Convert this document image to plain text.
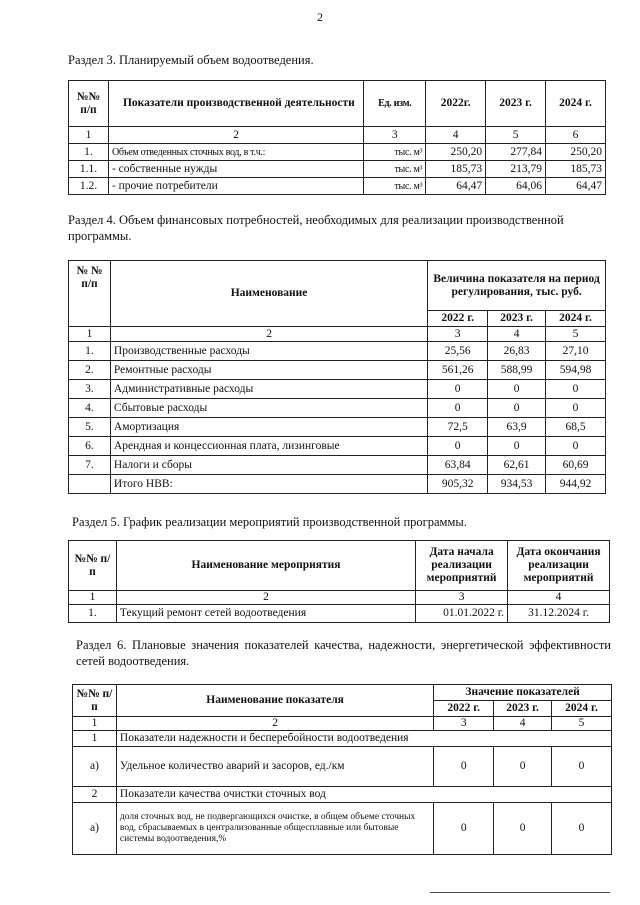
2
Раздел 3. Планируемый объем водоотведения.
№№ п/п	Показатели производственной деятельности	Ед. изм.	2022г.	2023 г.	2024 г.
1	2	3	4	5	6
1.	Объем отведенных сточных вод, в т.ч.:	тыс. м³	250,20	277,84	250,20
1.1.	- собственные нужды	тыс. м³	185,73	213,79	185,73
1.2.	- прочие потребители	тыс. м³	64,47	64,06	64,47
Раздел 4. Объем финансовых потребностей, необходимых для реализации производственной программы.
№ № п/п	Наименование	Величина показателя на период регулирования, тыс. руб.		
		2022 г.	2023 г.	2024 г.
1	2	3	4	5
1.	Производственные расходы	25,56	26,83	27,10
2.	Ремонтные расходы	561,26	588,99	594,98
3.	Административные расходы	0	0	0
4.	Сбытовые расходы	0	0	0
5.	Амортизация	72,5	63,9	68,5
6.	Арендная и концессионная плата, лизинговые	0	0	0
7.	Налоги и сборы	63,84	62,61	60,69
	Итого НВВ:	905,32	934,53	944,92
Раздел 5. График реализации мероприятий производственной программы.
№№ п/п	Наименование мероприятия	Дата начала реализации мероприятий	Дата окончания реализации мероприятий
1	2	3	4
1.	Текущий ремонт сетей водоотведения	01.01.2022 г.	31.12.2024 г.
Раздел 6. Плановые значения показателей качества, надежности, энергетической эффективности сетей водоотведения.
№№ п/п	Наименование показателя	Значение показателей		
		2022 г.	2023 г.	2024 г.
1	2	3	4	5
1	Показатели надежности и бесперебойности водоотведения			
а)	Удельное количество аварий и засоров, ед./км	0	0	0
2	Показатели качества очистки сточных вод			
а)	доля сточных вод, не подвергающихся очистке, в общем объеме сточных вод, сбрасываемых в централизованные общесплавные или бытовые системы водоотведения,%	0	0	0
